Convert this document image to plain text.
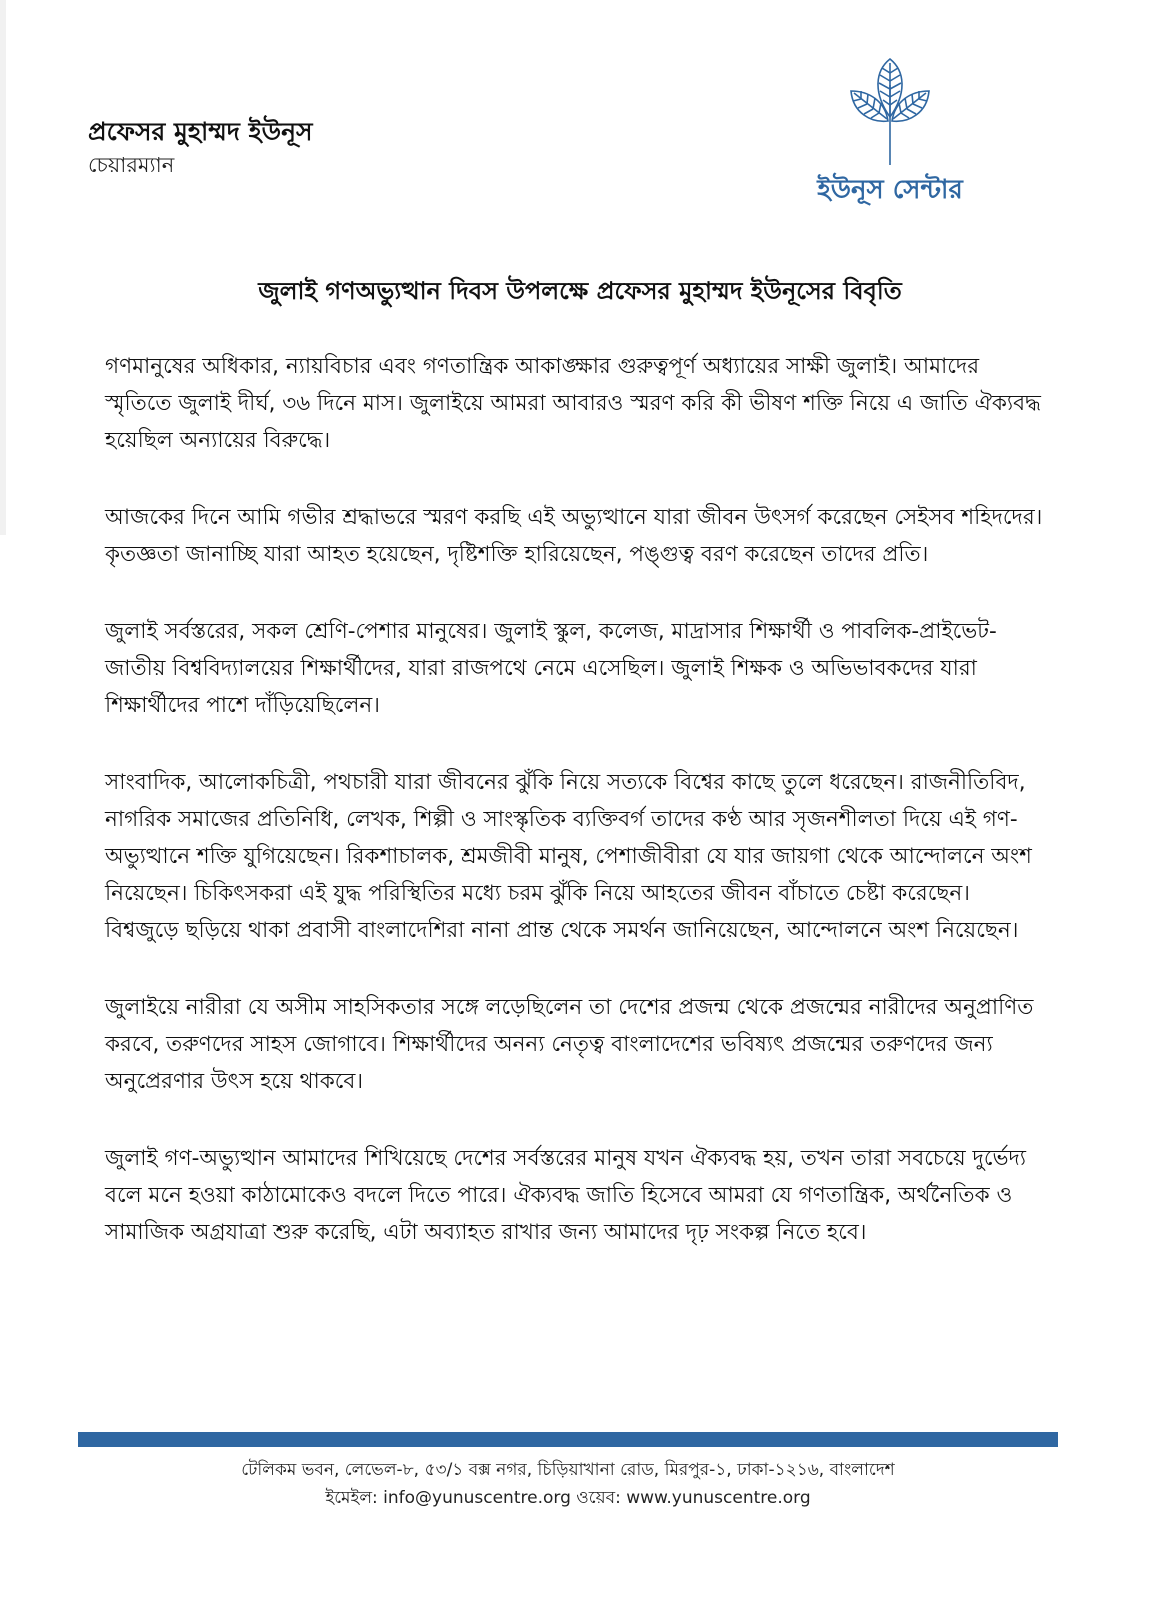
প্রফেসর মুহাম্মদ ইউনূস
চেয়ারম্যান
ইউনূস সেন্টার
জুলাই গণঅভ্যুত্থান দিবস উপলক্ষে প্রফেসর মুহাম্মদ ইউনূসের বিবৃতি

গণমানুষের অধিকার, ন্যায়বিচার এবং গণতান্ত্রিক আকাঙ্ক্ষার গুরুত্বপূর্ণ অধ্যায়ের সাক্ষী জুলাই। আমাদের স্মৃতিতে জুলাই দীর্ঘ, ৩৬ দিনে মাস। জুলাইয়ে আমরা আবারও স্মরণ করি কী ভীষণ শক্তি নিয়ে এ জাতি ঐক্যবদ্ধ হয়েছিল অন্যায়ের বিরুদ্ধে।

আজকের দিনে আমি গভীর শ্রদ্ধাভরে স্মরণ করছি এই অভ্যুত্থানে যারা জীবন উৎসর্গ করেছেন সেইসব শহিদদের। কৃতজ্ঞতা জানাচ্ছি যারা আহত হয়েছেন, দৃষ্টিশক্তি হারিয়েছেন, পঙ্গুত্ব বরণ করেছেন তাদের প্রতি।

জুলাই সর্বস্তরের, সকল শ্রেণি-পেশার মানুষের। জুলাই স্কুল, কলেজ, মাদ্রাসার শিক্ষার্থী ও পাবলিক-প্রাইভেট-জাতীয় বিশ্ববিদ্যালয়ের শিক্ষার্থীদের, যারা রাজপথে নেমে এসেছিল। জুলাই শিক্ষক ও অভিভাবকদের যারা শিক্ষার্থীদের পাশে দাঁড়িয়েছিলেন।

সাংবাদিক, আলোকচিত্রী, পথচারী যারা জীবনের ঝুঁকি নিয়ে সত্যকে বিশ্বের কাছে তুলে ধরেছেন। রাজনীতিবিদ, নাগরিক সমাজের প্রতিনিধি, লেখক, শিল্পী ও সাংস্কৃতিক ব্যক্তিবর্গ তাদের কণ্ঠ আর সৃজনশীলতা দিয়ে এই গণ-অভ্যুত্থানে শক্তি যুগিয়েছেন। রিকশাচালক, শ্রমজীবী মানুষ, পেশাজীবীরা যে যার জায়গা থেকে আন্দোলনে অংশ নিয়েছেন। চিকিৎসকরা এই যুদ্ধ পরিস্থিতির মধ্যে চরম ঝুঁকি নিয়ে আহতের জীবন বাঁচাতে চেষ্টা করেছেন। বিশ্বজুড়ে ছড়িয়ে থাকা প্রবাসী বাংলাদেশিরা নানা প্রান্ত থেকে সমর্থন জানিয়েছেন, আন্দোলনে অংশ নিয়েছেন।

জুলাইয়ে নারীরা যে অসীম সাহসিকতার সঙ্গে লড়েছিলেন তা দেশের প্রজন্ম থেকে প্রজন্মের নারীদের অনুপ্রাণিত করবে, তরুণদের সাহস জোগাবে। শিক্ষার্থীদের অনন্য নেতৃত্ব বাংলাদেশের ভবিষ্যৎ প্রজন্মের তরুণদের জন্য অনুপ্রেরণার উৎস হয়ে থাকবে।

জুলাই গণ-অভ্যুত্থান আমাদের শিখিয়েছে দেশের সর্বস্তরের মানুষ যখন ঐক্যবদ্ধ হয়, তখন তারা সবচেয়ে দুর্ভেদ্য বলে মনে হওয়া কাঠামোকেও বদলে দিতে পারে। ঐক্যবদ্ধ জাতি হিসেবে আমরা যে গণতান্ত্রিক, অর্থনৈতিক ও সামাজিক অগ্রযাত্রা শুরু করেছি, এটা অব্যাহত রাখার জন্য আমাদের দৃঢ় সংকল্প নিতে হবে।

টেলিকম ভবন, লেভেল-৮, ৫৩/১ বক্স নগর, চিড়িয়াখানা রোড, মিরপুর-১, ঢাকা-১২১৬, বাংলাদেশ
ইমেইল: info@yunuscentre.org ওয়েব: www.yunuscentre.org
